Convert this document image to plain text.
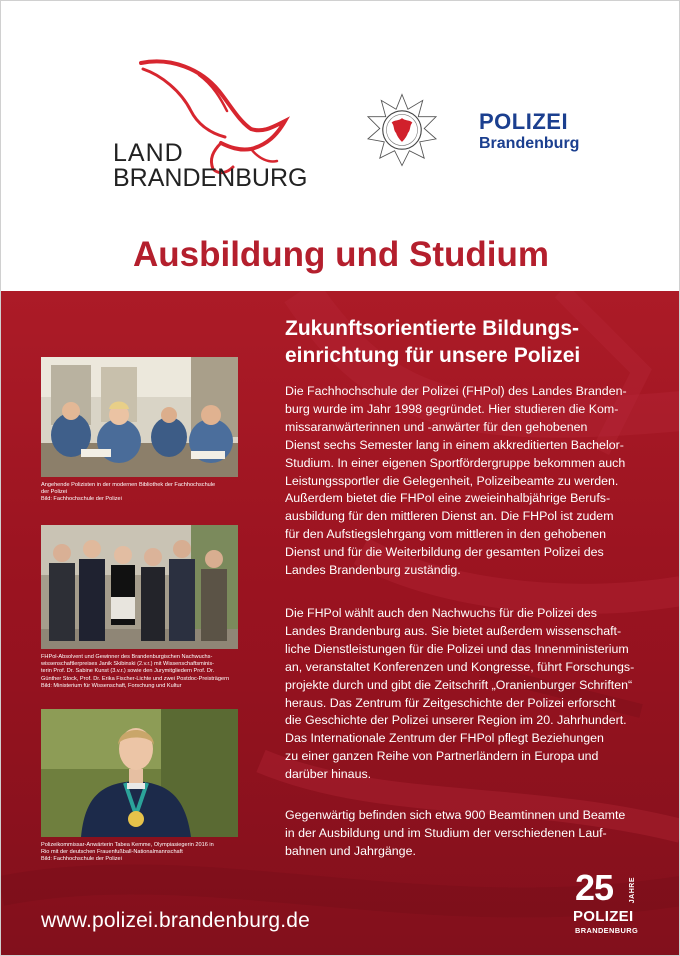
LAND
BRANDENBURG
POLIZEI
Brandenburg
Ausbildung und Studium
Zukunftsorientierte Bildungs-
einrichtung für unsere Polizei
Die Fachhochschule der Polizei (FHPol) des Landes Branden-
burg wurde im Jahr 1998 gegründet. Hier studieren die Kom-
missaranwärterinnen und -anwärter für den gehobenen
Dienst sechs Semester lang in einem akkreditierten Bachelor-
Studium. In einer eigenen Sportfördergruppe bekommen auch
Leistungssportler die Gelegenheit, Polizeibeamte zu werden.
Außerdem bietet die FHPol eine zweieinhalbjährige Berufs-
ausbildung für den mittleren Dienst an. Die FHPol ist zudem
für den Aufstiegslehrgang vom mittleren in den gehobenen
Dienst und für die Weiterbildung der gesamten Polizei des
Landes Brandenburg zuständig.
Die FHPol wählt auch den Nachwuchs für die Polizei des
Landes Brandenburg aus. Sie bietet außerdem wissenschaft-
liche Dienstleistungen für die Polizei und das Innenministerium
an, veranstaltet Konferenzen und Kongresse, führt Forschungs-
projekte durch und gibt die Zeitschrift „Oranienburger Schriften“
heraus. Das Zentrum für Zeitgeschichte der Polizei erforscht
die Geschichte der Polizei unserer Region im 20. Jahrhundert.
Das Internationale Zentrum der FHPol pflegt Beziehungen
zu einer ganzen Reihe von Partnerländern in Europa und
darüber hinaus.
Gegenwärtig befinden sich etwa 900 Beamtinnen und Beamte
in der Ausbildung und im Studium der verschiedenen Lauf-
bahnen und Jahrgänge.
Angehende Polizisten in der modernen Bibliothek der Fachhochschule
der Polizei
Bild: Fachhochschule der Polizei
FHPol-Absolvent und Gewinner des Brandenburgischen Nachwuchs-
wissenschaftlerpreises Janik Skibinski (2.v.r.) mit Wissenschaftsminis-
terin Prof. Dr. Sabine Kunst (3.v.r.) sowie den Jurymitgliedern Prof. Dr.
Günther Stock, Prof. Dr. Erika Fischer-Lichte und zwei Postdoc-Preisträgern
Bild: Ministerium für Wissenschaft, Forschung und Kultur
Polizeikommissar-Anwärterin Tabea Kemme, Olympiasiegerin 2016 in
Rio mit der deutschen Frauenfußball-Nationalmannschaft
Bild: Fachhochschule der Polizei
www.polizei.brandenburg.de
25 JAHRE
POLIZEI
BRANDENBURG
